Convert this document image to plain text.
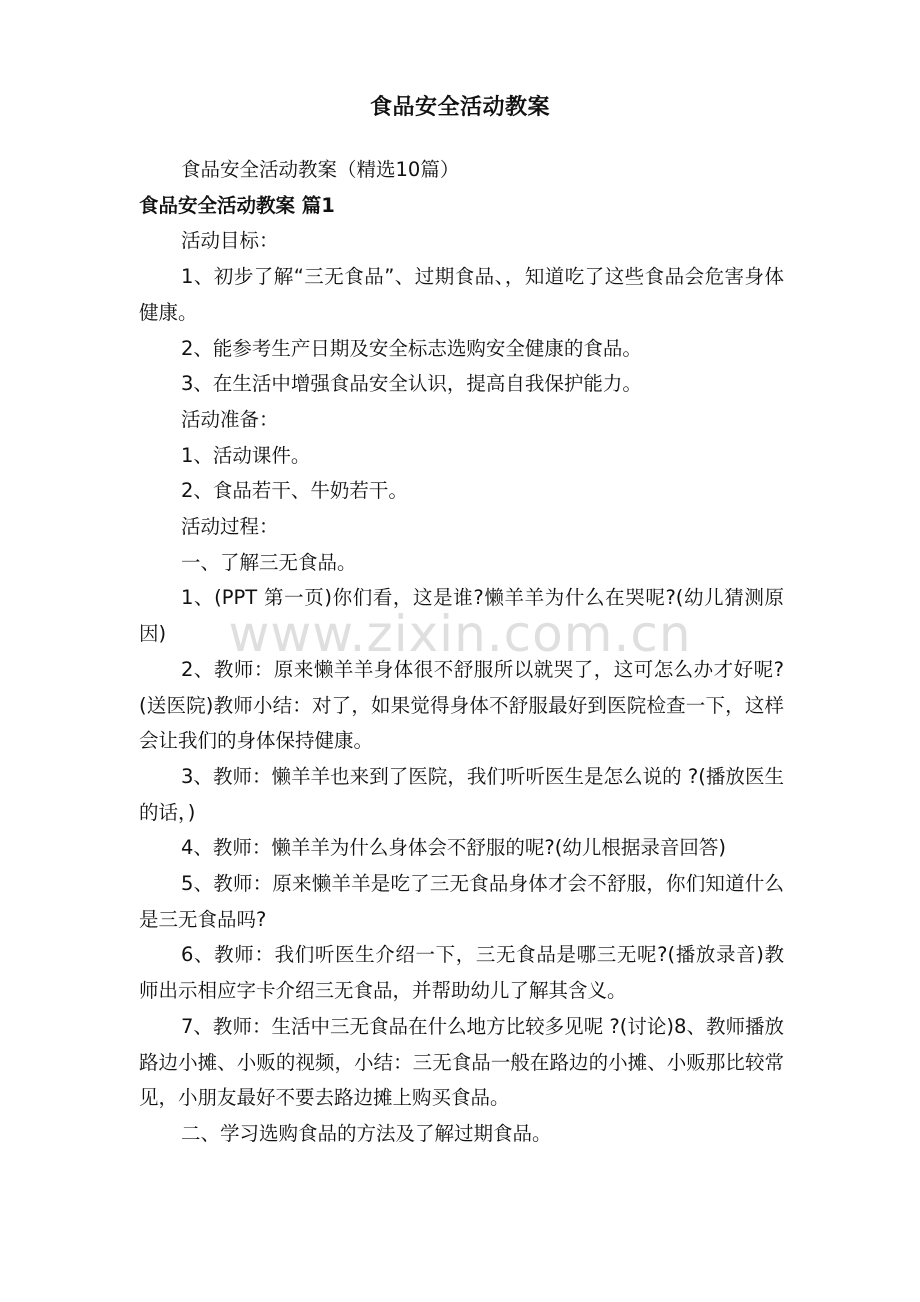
食品安全活动教案

食品安全活动教案（精选10篇）

食品安全活动教案 篇1

活动目标：

1、初步了解“三无食品”、过期食品、，知道吃了这些食品会危害身体健康。

2、能参考生产日期及安全标志选购安全健康的食品。

3、在生活中增强食品安全认识，提高自我保护能力。

活动准备：

1、活动课件。

2、食品若干、牛奶若干。

活动过程：

一、了解三无食品。

1、(PPT 第一页)你们看，这是谁?懒羊羊为什么在哭呢?(幼儿猜测原因)

2、教师：原来懒羊羊身体很不舒服所以就哭了，这可怎么办才好呢?(送医院)教师小结：对了，如果觉得身体不舒服最好到医院检查一下，这样会让我们的身体保持健康。

3、教师：懒羊羊也来到了医院，我们听听医生是怎么说的 ?(播放医生的话，)

4、教师：懒羊羊为什么身体会不舒服的呢?(幼儿根据录音回答)

5、教师：原来懒羊羊是吃了三无食品身体才会不舒服，你们知道什么是三无食品吗?

6、教师：我们听医生介绍一下，三无食品是哪三无呢?(播放录音)教师出示相应字卡介绍三无食品，并帮助幼儿了解其含义。

7、教师：生活中三无食品在什么地方比较多见呢 ?(讨论)8、教师播放路边小摊、小贩的视频，小结：三无食品一般在路边的小摊、小贩那比较常见，小朋友最好不要去路边摊上购买食品。

二、学习选购食品的方法及了解过期食品。

www.zixin.com.cn
